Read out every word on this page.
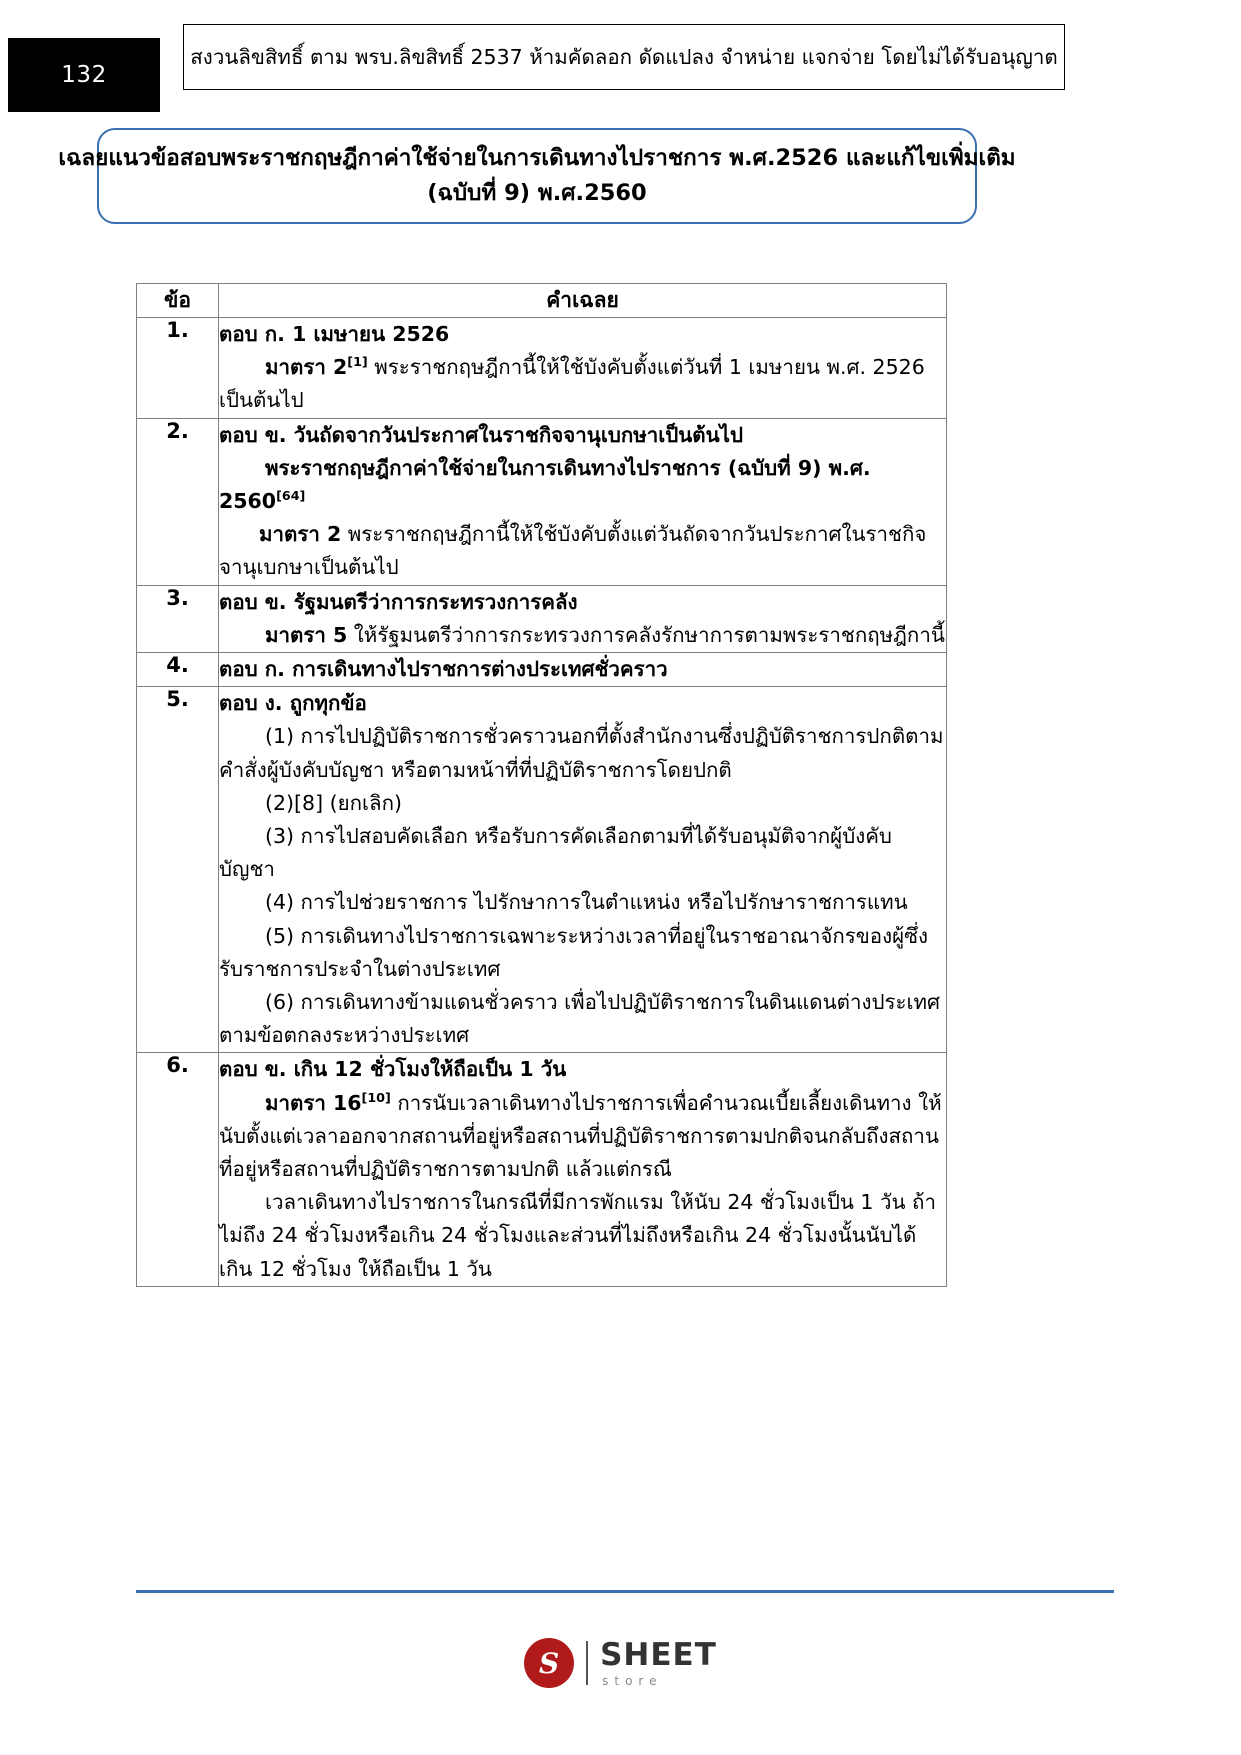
132
สงวนลิขสิทธิ์ ตาม พรบ.ลิขสิทธิ์ 2537 ห้ามคัดลอก ดัดแปลง จำหน่าย แจกจ่าย โดยไม่ได้รับอนุญาต
เฉลยแนวข้อสอบพระราชกฤษฎีกาค่าใช้จ่ายในการเดินทางไปราชการ พ.ศ.2526 และแก้ไขเพิ่มเติม
(ฉบับที่ 9) พ.ศ.2560
ข้อ	คำเฉลย
1.	ตอบ ก. 1 เมษายน 2526

มาตรา 2[1] พระราชกฤษฎีกานี้ให้ใช้บังคับตั้งแต่วันที่ 1 เมษายน พ.ศ. 2526 เป็นต้นไป

2.	ตอบ ข. วันถัดจากวันประกาศในราชกิจจานุเบกษาเป็นต้นไป

พระราชกฤษฎีกาค่าใช้จ่ายในการเดินทางไปราชการ (ฉบับที่ 9) พ.ศ. 2560[64]

มาตรา 2 พระราชกฤษฎีกานี้ให้ใช้บังคับตั้งแต่วันถัดจากวันประกาศในราชกิจจานุเบกษาเป็นต้นไป

3.	ตอบ ข. รัฐมนตรีว่าการกระทรวงการคลัง

มาตรา 5 ให้รัฐมนตรีว่าการกระทรวงการคลังรักษาการตามพระราชกฤษฎีกานี้

4.	ตอบ ก. การเดินทางไปราชการต่างประเทศชั่วคราว

5.	ตอบ ง. ถูกทุกข้อ

(1) การไปปฏิบัติราชการชั่วคราวนอกที่ตั้งสำนักงานซึ่งปฏิบัติราชการปกติตามคำสั่งผู้บังคับบัญชา หรือตามหน้าที่ที่ปฏิบัติราชการโดยปกติ

(2)[8] (ยกเลิก)

(3) การไปสอบคัดเลือก หรือรับการคัดเลือกตามที่ได้รับอนุมัติจากผู้บังคับบัญชา

(4) การไปช่วยราชการ ไปรักษาการในตำแหน่ง หรือไปรักษาราชการแทน

(5) การเดินทางไปราชการเฉพาะระหว่างเวลาที่อยู่ในราชอาณาจักรของผู้ซึ่งรับราชการประจำในต่างประเทศ

(6) การเดินทางข้ามแดนชั่วคราว เพื่อไปปฏิบัติราชการในดินแดนต่างประเทศตามข้อตกลงระหว่างประเทศ

6.	ตอบ ข. เกิน 12 ชั่วโมงให้ถือเป็น 1 วัน

มาตรา 16[10] การนับเวลาเดินทางไปราชการเพื่อคำนวณเบี้ยเลี้ยงเดินทาง ให้นับตั้งแต่เวลาออกจากสถานที่อยู่หรือสถานที่ปฏิบัติราชการตามปกติจนกลับถึงสถานที่อยู่หรือสถานที่ปฏิบัติราชการตามปกติ แล้วแต่กรณี

เวลาเดินทางไปราชการในกรณีที่มีการพักแรม ให้นับ 24 ชั่วโมงเป็น 1 วัน ถ้าไม่ถึง 24 ชั่วโมงหรือเกิน 24 ชั่วโมงและส่วนที่ไม่ถึงหรือเกิน 24 ชั่วโมงนั้นนับได้เกิน 12 ชั่วโมง ให้ถือเป็น 1 วัน

S SHEET
store
